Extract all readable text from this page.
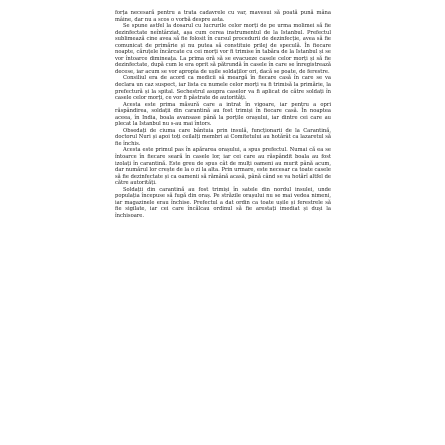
forța necesară pentru a trata cadavrele cu var, mavesui să poată pună mâna mâine, dar nu a scos o vorbă despre asta.

Se spune astfel la dosarul cu lucrurile celor morți de pe urma molimei să fie dezinfectate neîntârziat, așa cum cerea instrumentul de la Istanbul. Prefectul sublimează cine avea să fie folosit în cursul procedurii de dezinfecție, avea să fie comunicat de primărie și nu putea să constituie prilej de speculă. În fiecare noapte, căruțele încărcate cu cei morți vor fi trimise în tabăra de la Istanbul și se vor întoarce dimineața. La prima oră să se evacueze casele celor morți și să fie dezinfectate, după cum le era oprit să pătrundă în casele în care se înregistrează decese, iar acum se vor apropia de ușile soldaților ori, dacă se poate, de ferestre.

Consiliul era de acord ca medicii să meargă în fiecare casă în care se va declara un caz suspect, iar lista cu numele celor morți va fi trimisă la primărie, la prefectură și la spital. Sechestrul asupra caselor va fi aplicat de către soldați în casele celor morți, ce vor fi păstrate de autorități.

Acesta este prima măsură care a intrat în vigoare, iar pentru a opri răspândirea, soldații din carantină au fost trimiși în fiecare casă. În noaptea aceea, în India, boala avansase până la porțile orașului, iar dintre cei care au plecat la Istanbul nu s-au mai întors.

Obsedați de ciuma care bântuia prin insulă, funcționarii de la Carantină, doctorul Nuri și apoi toți ceilalți membri ai Comitetului au hotărât ca lazaretul să fie închis.

Acesta este primul pas în apărarea orașului, a spus prefectul. Numai că ea se întoarce în fiecare seară în casele lor, iar cei care au răspândit boala au fost izolați în carantină. Este greu de spus cât de mulți oameni au murit până acum, dar numărul lor crește de la o zi la alta. Prin urmare, este necesar ca toate casele să fie dezinfectate și ca oamenii să rămână acasă, până când se va hotărî altfel de către autorități.

Soldații din carantină au fost trimiși în satele din nordul insulei, unde populația începuse să fugă din oraș. Pe străzile orașului nu se mai vedea nimeni, iar magazinele erau închise. Prefectul a dat ordin ca toate ușile și ferestrele să fie sigilate, iar cei care încălcau ordinul să fie arestați imediat și duși la închisoare.
